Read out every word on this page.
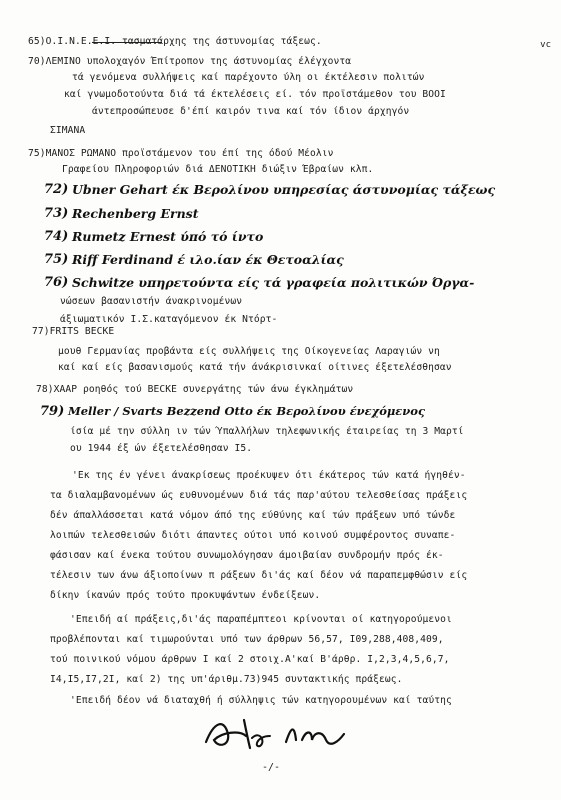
vc
65)Ο.Ι.Ν.Ε.Ε.Ι. τασματάρχης της άστυνομίας τάξεως.
70)ΛΕΜΙΝΟ υπολοχαγόν Έπίτροπον της άστυνομίας έλέγχοντα
τά γενόμενα συλλήψεις καί παρέχοντο ύλη οι έκτέλεσιν πολιτών
καί γνωμοδοτούντα διά τά έκτελέσεις εί. τόν προϊστάμεθον του ΒΟΟΙ
άντεπροσώπευσε δ'έπί καιρόν τινα καί τόν ίδιον άρχηγόν
ΣΙΜΑΝΑ
75)ΜΑΝΟΣ ΡΩΜΑΝΟ προϊστάμενον του έπί της όδού Μέολιν
Γραφείου Πληροφοριών διά ΔΕΝΟΤΙΚΗ διώξιν Έβραίων κλπ.
72) Ubner Gehart έκ Βερολίνου υπηρεσίας άστυνομίας τάξεως
73) Rechenberg Ernst
74) Rumetz Ernest ύπό τό ίντο
75) Riff Ferdinand έ ιλο.ίαν έκ Θετοαλίας
76) Schwitze υπηρετούντα είς τά γραφεία πολιτικών Όργα-
νώσεων βασανιστήν άνακρινομένων
άξιωματικόν Ι.Σ.καταγόμενον έκ Ντόρτ-
77)FRITS BECKE
μουθ Γερμανίας προβάντα είς συλλήψεις της Οίκογενείας Λαραγιών νη
καί καί είς βασανισμούς κατά τήν άνάκρισινκαί οίτινες έξετελέσθησαν
78)ΧΑΑΡ ροηθός τού ΒΕCΚΕ συνεργάτης τών άνω έγκλημάτων
79) Meller / Svarts Bezzend Otto έκ Βερολίνου ένεχόμενος
ίσία μέ την σύλλη ιν τών Ύπαλλήλων τηλεφωνικής έταιρείας τη 3 Μαρτί
ου 1944 έξ ών έξετελέσθησαν Ι5.
'Εκ της έν γένει άνακρίσεως προέκυψεν ότι έκάτερος τών κατά ήγηθέν-
τα διαλαμβανομένων ώς ευθυνομένων διά τάς παρ'αύτου τελεσθείσας πράξεις
δέν άπαλλάσσεται κατά νόμον άπό της εύθύνης καί τών πράξεων υπό τώνδε
λοιπών τελεσθεισών διότι άπαντες ούτοι υπό κοινού συμφέροντος συναπε-
φάσισαν καί ένεκα τούτου συνωμολόγησαν άμοιβαίαν συνδρομήν πρός έκ-
τέλεσιν των άνω άξιοποίνων π ράξεων δι'άς καί δέον νά παραπεμφθώσιν είς
δίκην ίκανών πρός τούτο προκυψάντων ένδείξεων.
'Επειδή αί πράξεις,δι'άς παραπέμπτεοι κρίνονται οί κατηγορούμενοι
προβλέπονται καί τιμωρούνται υπό των άρθρων 56,57, Ι09,288,408,409,
τού ποινικού νόμου άρθρων Ι καί 2 στοιχ.Α'καί Β'άρθρ. Ι,2,3,4,5,6,7,
Ι4,Ι5,Ι7,2Ι, καί 2) της υπ'άριθμ.73)945 συντακτικής πράξεως.
'Επειδή δέον νά διαταχθή ή σύλληψις τών κατηγορουμένων καί ταύτης
-/-
